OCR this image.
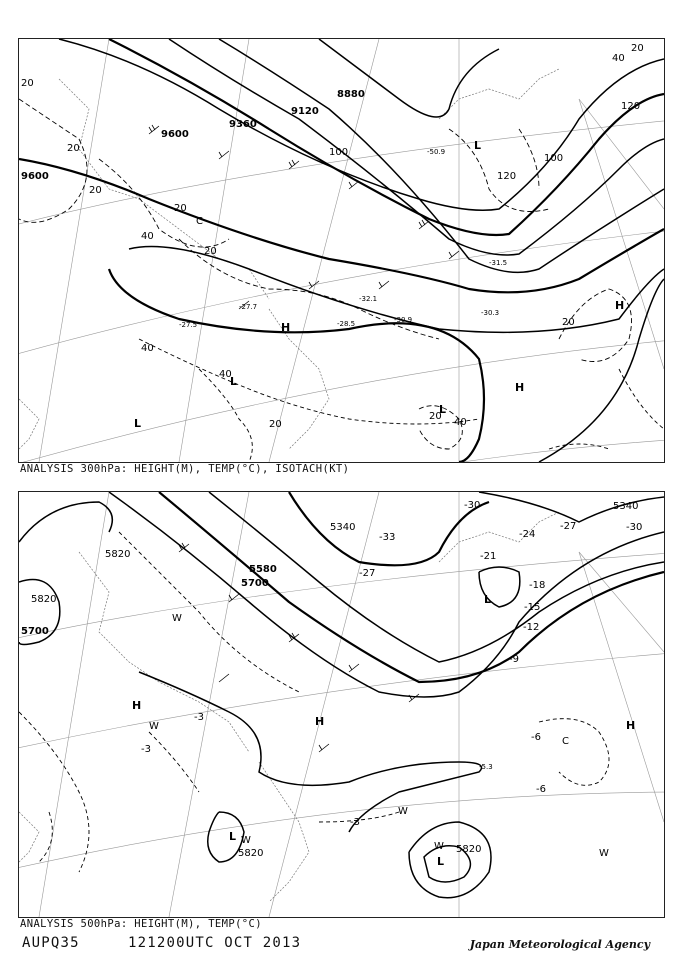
9600
9360
9120
8880
9600
20
20
40
20
20
40
20
120
100
120
100
40
20
40
20	40
20
20
-50.9
-27.7
-30.9
-32.1
-30.3
-27.5	-28.5
-31.5
L
H
L
H
H
L
L
C
ANALYSIS 300hPa: HEIGHT(M), TEMP(°C), ISOTACH(KT)
5820
5820
5700
5580
5700
5340
5340
5820	5820
-30
-27
-33
-30
-27
-24
-21
-18
-15
-12
-9
-6
-3
-3
-6
-3
-5.3
L
L
L
H
H	H
W
W
W
W
W
W
C
ANALYSIS 500hPa: HEIGHT(M), TEMP(°C)
AUPQ35	121200UTC OCT 2013	Japan Meteorological Agency
